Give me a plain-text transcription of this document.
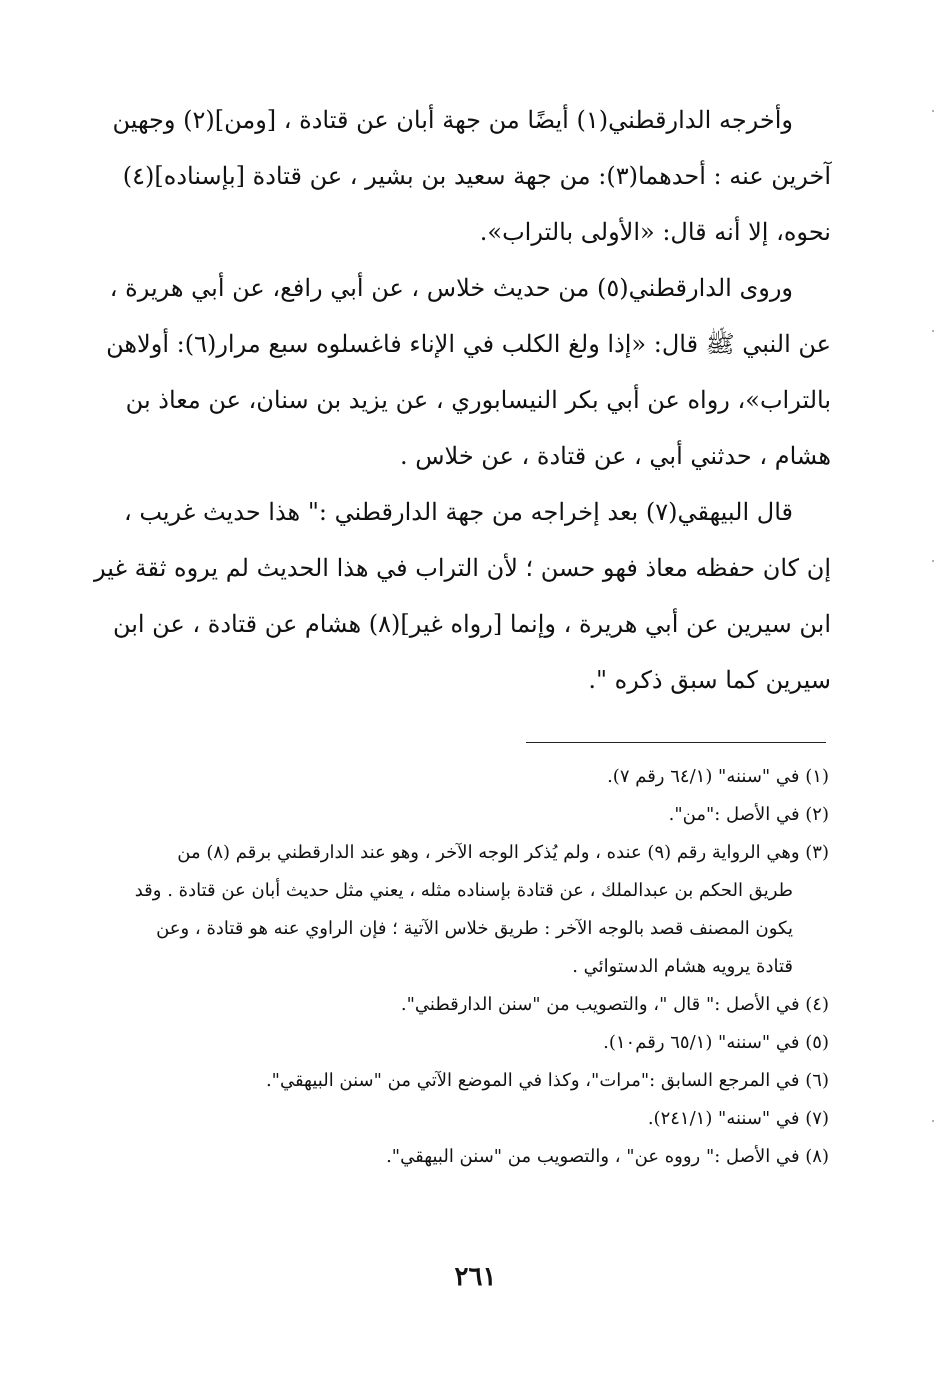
وأخرجه الدارقطني(١) أيضًا من جهة أبان عن قتادة ، [ومن](٢) وجهين
آخرين عنه : أحدهما(٣): من جهة سعيد بن بشير ، عن قتادة [بإسناده](٤)
نحوه، إلا أنه قال: «الأولى بالتراب».
وروى الدارقطني(٥) من حديث خلاس ، عن أبي رافع، عن أبي هريرة ،
عن النبي ﷺ قال: «إذا ولغ الكلب في الإناء فاغسلوه سبع مرار(٦): أولاهن
بالتراب»، رواه عن أبي بكر النيسابوري ، عن يزيد بن سنان، عن معاذ بن
هشام ، حدثني أبي ، عن قتادة ، عن خلاس .
قال البيهقي(٧) بعد إخراجه من جهة الدارقطني :" هذا حديث غريب ،
إن كان حفظه معاذ فهو حسن ؛ لأن التراب في هذا الحديث لم يروه ثقة غير
ابن سيرين عن أبي هريرة ، وإنما [رواه غير](٨) هشام عن قتادة ، عن ابن
سيرين كما سبق ذكره ".
(١) في "سننه" (٦٤/١ رقم ٧).
(٢) في الأصل :"من".
(٣) وهي الرواية رقم (٩) عنده ، ولم يُذكر الوجه الآخر ، وهو عند الدارقطني برقم (٨) من
طريق الحكم بن عبدالملك ، عن قتادة بإسناده مثله ، يعني مثل حديث أبان عن قتادة . وقد
يكون المصنف قصد بالوجه الآخر : طريق خلاس الآتية ؛ فإن الراوي عنه هو قتادة ، وعن
قتادة يرويه هشام الدستوائي .
(٤) في الأصل :" قال "، والتصويب من "سنن الدارقطني".
(٥) في "سننه" (٦٥/١ رقم١٠).
(٦) في المرجع السابق :"مرات"، وكذا في الموضع الآتي من "سنن البيهقي".
(٧) في "سننه" (٢٤١/١).
(٨) في الأصل :" رووه عن" ، والتصويب من "سنن البيهقي".
٢٦١
